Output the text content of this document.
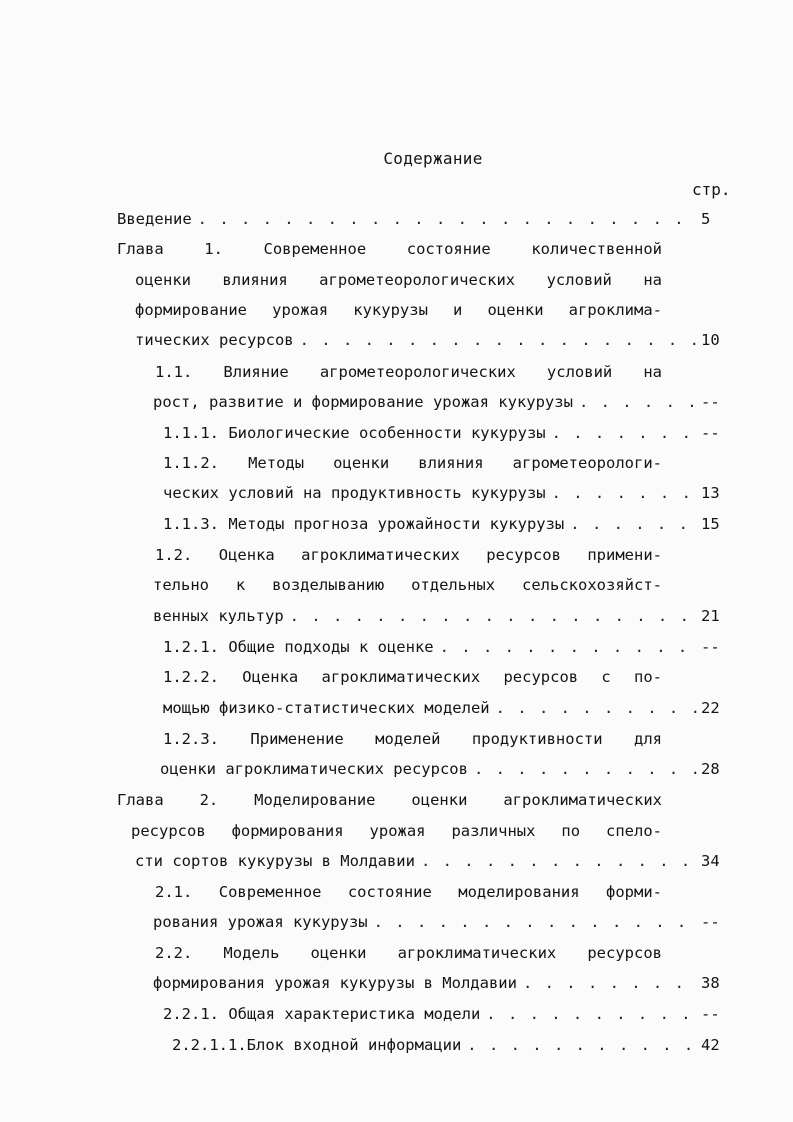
Содержание
стр.
Введение . . .	5
Глава 1. Современное состояние количественной
оценки влияния агрометеорологических условий на
формирование урожая кукурузы и оценки агроклима-
тических ресурсов . . .	10
1.1. Влияние агрометеорологических условий на
рост, развитие и формирование урожая кукурузы . . .	--
1.1.1. Биологические особенности кукурузы . . .	--
1.1.2. Методы оценки влияния агрометеорологи-
ческих условий на продуктивность кукурузы . . .	13
1.1.3. Методы прогноза урожайности кукурузы . . .	15
1.2. Оценка агроклиматических ресурсов примени-
тельно к возделыванию отдельных сельскохозяйст-
венных культур . . .	21
1.2.1. Общие подходы к оценке . . .	--
1.2.2. Оценка агроклиматических ресурсов с по-
мощью физико-статистических моделей . . .	22
1.2.3. Применение моделей продуктивности для
оценки агроклиматических ресурсов . . .	28
Глава 2. Моделирование оценки агроклиматических
ресурсов формирования урожая различных по спело-
сти сортов кукурузы в Молдавии . . .	34
2.1. Современное состояние моделирования форми-
рования урожая кукурузы . . .	--
2.2. Модель оценки агроклиматических ресурсов
формирования урожая кукурузы в Молдавии . . .	38
2.2.1. Общая характеристика модели . . .	--
2.2.1.1.Блок входной информации . . .	42
